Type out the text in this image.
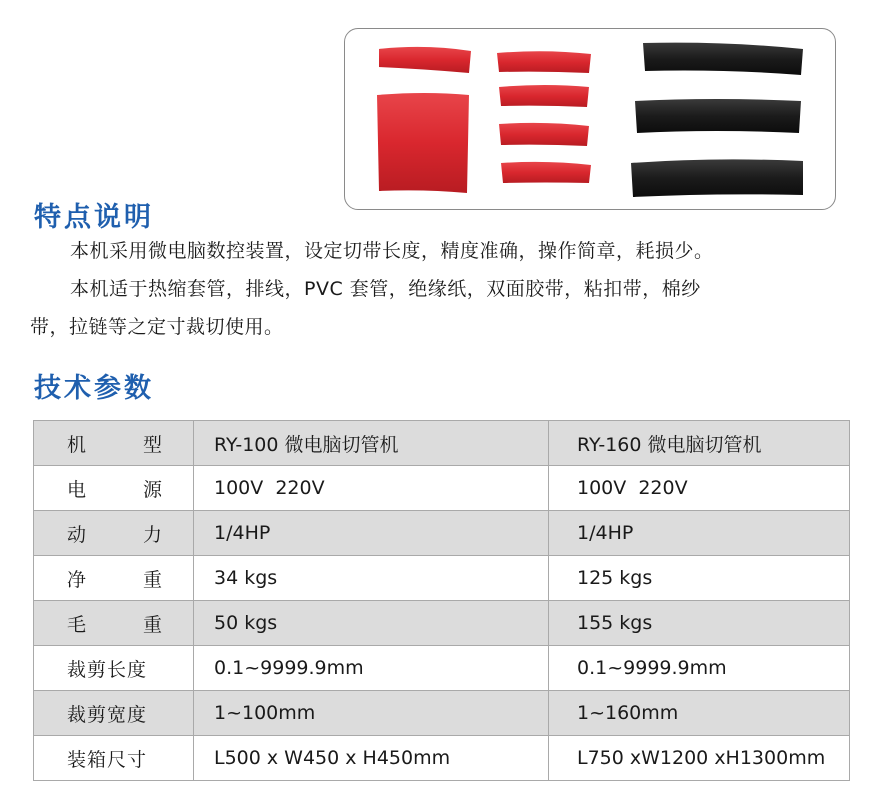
特点说明
本机采用微电脑数控装置，设定切带长度，精度准确，操作简章，耗损少。
本机适于热缩套管，排线，PVC 套管，绝缘纸，双面胶带，粘扣带，棉纱
带，拉链等之定寸裁切使用。
技术参数
机 型	RY-100 微电脑切管机	RY-160 微电脑切管机

电 源	100V  220V	100V  220V

动 力	1/4HP	1/4HP

净 重	34 kgs	125 kgs

毛 重	50 kgs	155 kgs

裁剪长度	0.1~9999.9mm	0.1~9999.9mm

裁剪宽度	1~100mm	1~160mm

装箱尺寸	L500 x W450 x H450mm	L750 xW1200 xH1300mm
